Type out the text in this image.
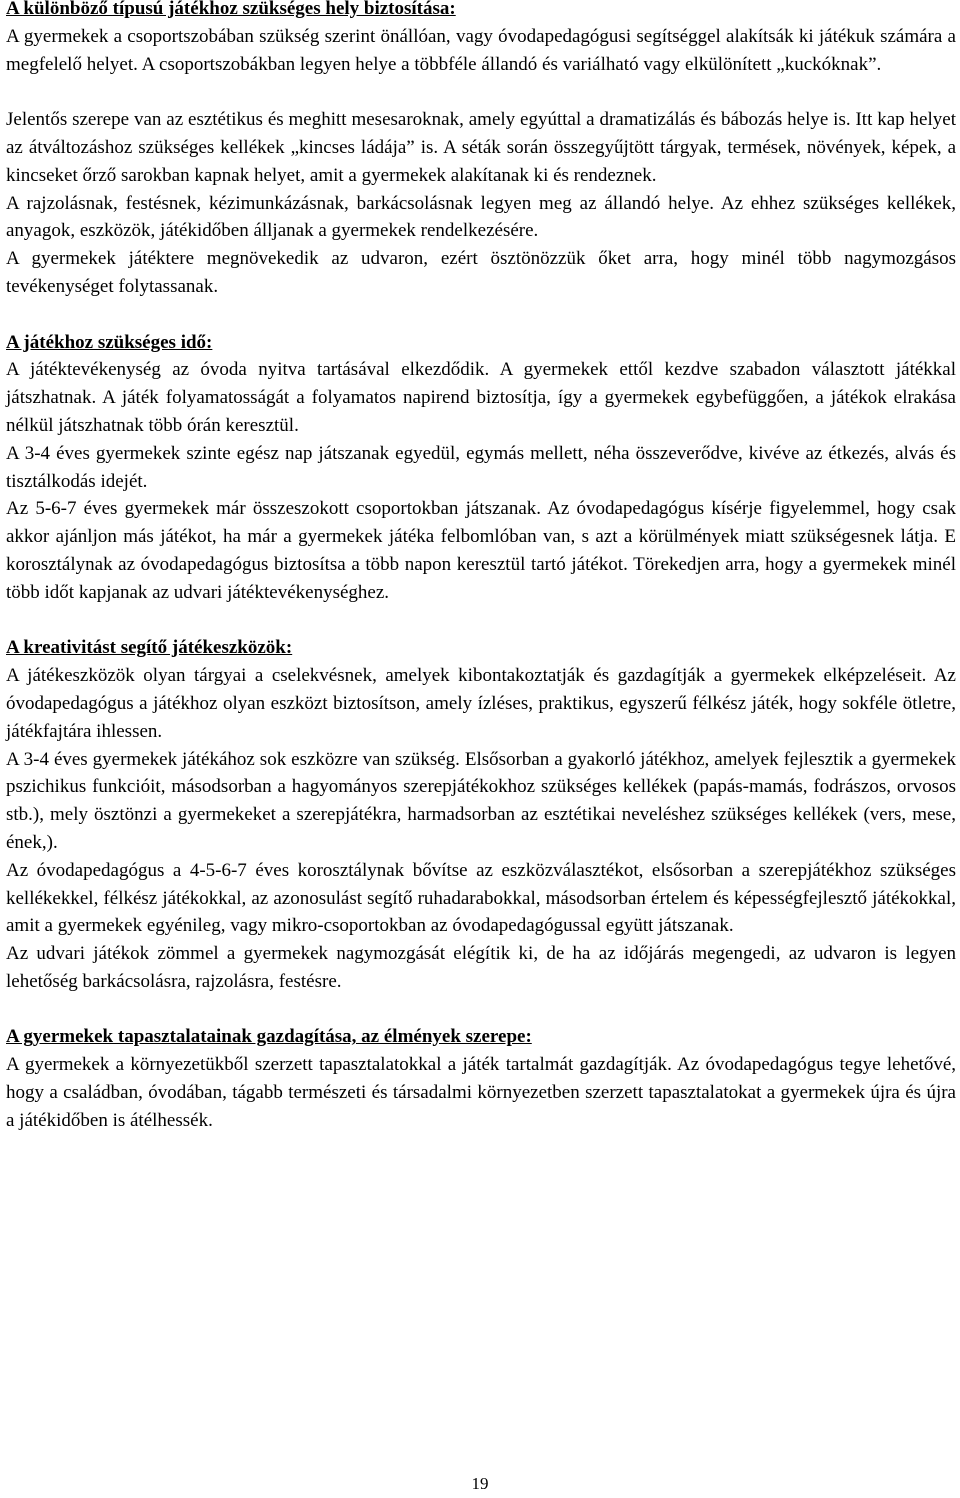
A különböző típusú játékhoz szükséges hely biztosítása:

A gyermekek a csoportszobában szükség szerint önállóan, vagy óvodapedagógusi segítséggel alakítsák ki játékuk számára a megfelelő helyet. A csoportszobákban legyen helye a többféle állandó és variálható vagy elkülönített „kuckóknak”.

Jelentős szerepe van az esztétikus és meghitt mesesaroknak, amely egyúttal a dramatizálás és bábozás helye is. Itt kap helyet az átváltozáshoz szükséges kellékek „kincses ládája” is. A séták során összegyűjtött tárgyak, termések, növények, képek, a kincseket őrző sarokban kapnak helyet, amit a gyermekek alakítanak ki és rendeznek.

A rajzolásnak, festésnek, kézimunkázásnak, barkácsolásnak legyen meg az állandó helye. Az ehhez szükséges kellékek, anyagok, eszközök, játékidőben álljanak a gyermekek rendelkezésére.

A gyermekek játéktere megnövekedik az udvaron, ezért ösztönözzük őket arra, hogy minél több nagymozgásos tevékenységet folytassanak.

A játékhoz szükséges idő:

A játéktevékenység az óvoda nyitva tartásával elkezdődik. A gyermekek ettől kezdve szabadon választott játékkal játszhatnak. A játék folyamatosságát a folyamatos napirend biztosítja, így a gyermekek egybefüggően, a játékok elrakása nélkül játszhatnak több órán keresztül.

A 3-4 éves gyermekek szinte egész nap játszanak egyedül, egymás mellett, néha összeverődve, kivéve az étkezés, alvás és tisztálkodás idejét.

Az 5-6-7 éves gyermekek már összeszokott csoportokban játszanak. Az óvodapedagógus kísérje figyelemmel, hogy csak akkor ajánljon más játékot, ha már a gyermekek játéka felbomlóban van, s azt a körülmények miatt szükségesnek látja. E korosztálynak az óvodapedagógus biztosítsa a több napon keresztül tartó játékot. Törekedjen arra, hogy a gyermekek minél több időt kapjanak az udvari játéktevékenységhez.

A kreativitást segítő játékeszközök:

A játékeszközök olyan tárgyai a cselekvésnek, amelyek kibontakoztatják és gazdagítják a gyermekek elképzeléseit. Az óvodapedagógus a játékhoz olyan eszközt biztosítson, amely ízléses, praktikus, egyszerű félkész játék, hogy sokféle ötletre, játékfajtára ihlessen.

A 3-4 éves gyermekek játékához sok eszközre van szükség. Elsősorban a gyakorló játékhoz, amelyek fejlesztik a gyermekek pszichikus funkcióit, másodsorban a hagyományos szerepjátékokhoz szükséges kellékek (papás-mamás, fodrászos, orvosos stb.), mely ösztönzi a gyermekeket a szerepjátékra, harmadsorban az esztétikai neveléshez szükséges kellékek (vers, mese, ének,).

Az óvodapedagógus a 4-5-6-7 éves korosztálynak bővítse az eszközválasztékot, elsősorban a szerepjátékhoz szükséges kellékekkel, félkész játékokkal, az azonosulást segítő ruhadarabokkal, másodsorban értelem és képességfejlesztő játékokkal, amit a gyermekek egyénileg, vagy mikro-csoportokban az óvodapedagógussal együtt játszanak.

Az udvari játékok zömmel a gyermekek nagymozgását elégítik ki, de ha az időjárás megengedi, az udvaron is legyen lehetőség barkácsolásra, rajzolásra, festésre.

A gyermekek tapasztalatainak gazdagítása, az élmények szerepe:

A gyermekek a környezetükből szerzett tapasztalatokkal a játék tartalmát gazdagítják. Az óvodapedagógus tegye lehetővé, hogy a családban, óvodában, tágabb természeti és társadalmi környezetben szerzett tapasztalatokat a gyermekek újra és újra a játékidőben is átélhessék.

19
